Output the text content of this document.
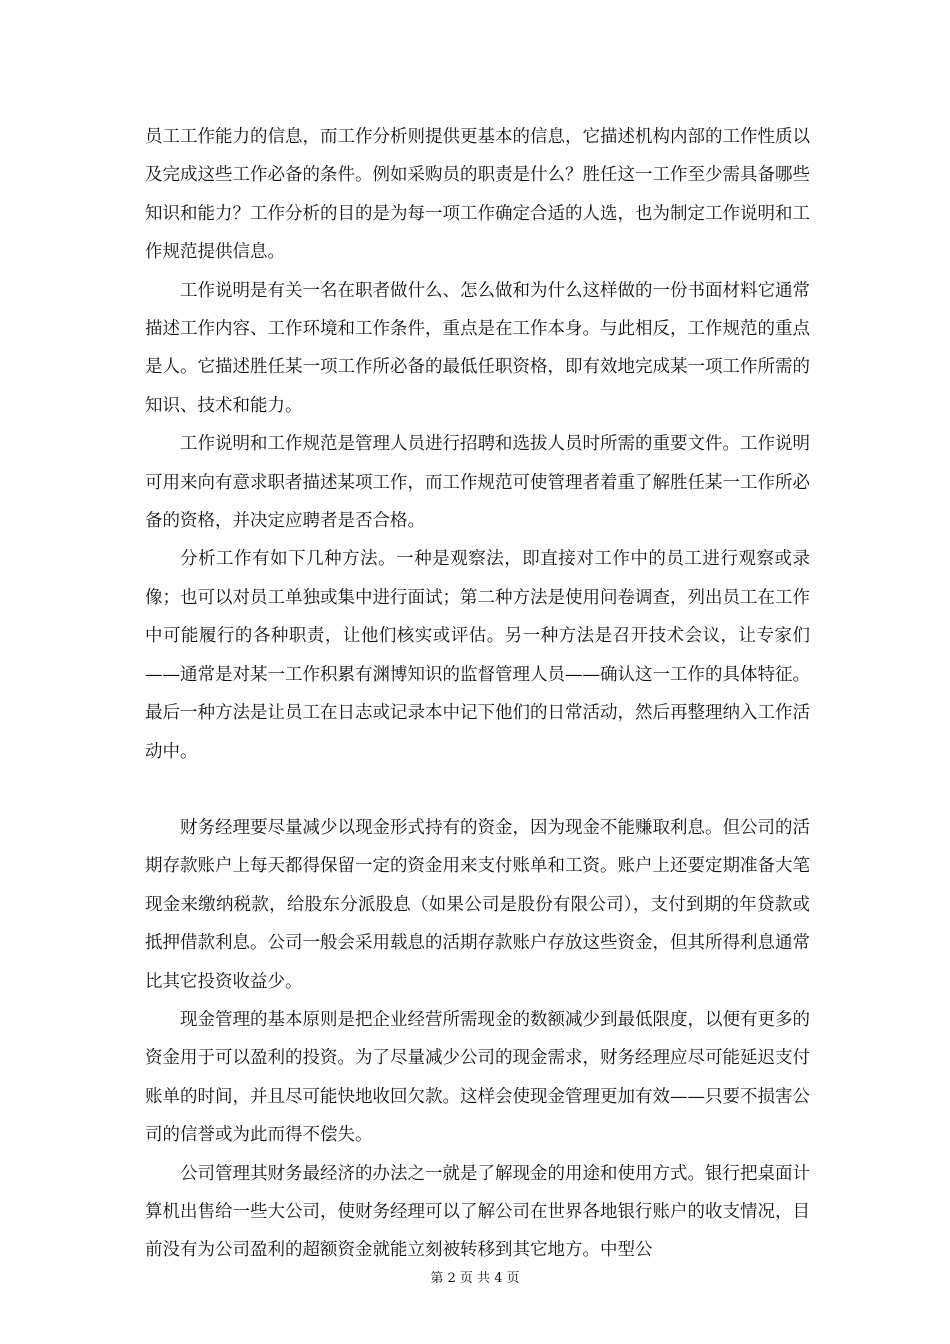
员工工作能力的信息，而工作分析则提供更基本的信息，它描述机构内部的工作性质以及完成这些工作必备的条件。例如采购员的职责是什么？胜任这一工作至少需具备哪些知识和能力？工作分析的目的是为每一项工作确定合适的人选，也为制定工作说明和工作规范提供信息。

工作说明是有关一名在职者做什么、怎么做和为什么这样做的一份书面材料它通常描述工作内容、工作环境和工作条件，重点是在工作本身。与此相反，工作规范的重点是人。它描述胜任某一项工作所必备的最低任职资格，即有效地完成某一项工作所需的知识、技术和能力。

工作说明和工作规范是管理人员进行招聘和选拔人员时所需的重要文件。工作说明可用来向有意求职者描述某项工作，而工作规范可使管理者着重了解胜任某一工作所必备的资格，并决定应聘者是否合格。

分析工作有如下几种方法。一种是观察法，即直接对工作中的员工进行观察或录像；也可以对员工单独或集中进行面试；第二种方法是使用问卷调查，列出员工在工作中可能履行的各种职责，让他们核实或评估。另一种方法是召开技术会议，让专家们——通常是对某一工作积累有渊博知识的监督管理人员——确认这一工作的具体特征。最后一种方法是让员工在日志或记录本中记下他们的日常活动，然后再整理纳入工作活动中。

财务经理要尽量减少以现金形式持有的资金，因为现金不能赚取利息。但公司的活期存款账户上每天都得保留一定的资金用来支付账单和工资。账户上还要定期准备大笔现金来缴纳税款，给股东分派股息（如果公司是股份有限公司），支付到期的年贷款或抵押借款利息。公司一般会采用载息的活期存款账户存放这些资金，但其所得利息通常比其它投资收益少。

现金管理的基本原则是把企业经营所需现金的数额减少到最低限度，以便有更多的资金用于可以盈利的投资。为了尽量减少公司的现金需求，财务经理应尽可能延迟支付账单的时间，并且尽可能快地收回欠款。这样会使现金管理更加有效——只要不损害公司的信誉或为此而得不偿失。

公司管理其财务最经济的办法之一就是了解现金的用途和使用方式。银行把桌面计算机出售给一些大公司，使财务经理可以了解公司在世界各地银行账户的收支情况，目前没有为公司盈利的超额资金就能立刻被转移到其它地方。中型公

第 2 页 共 4 页
